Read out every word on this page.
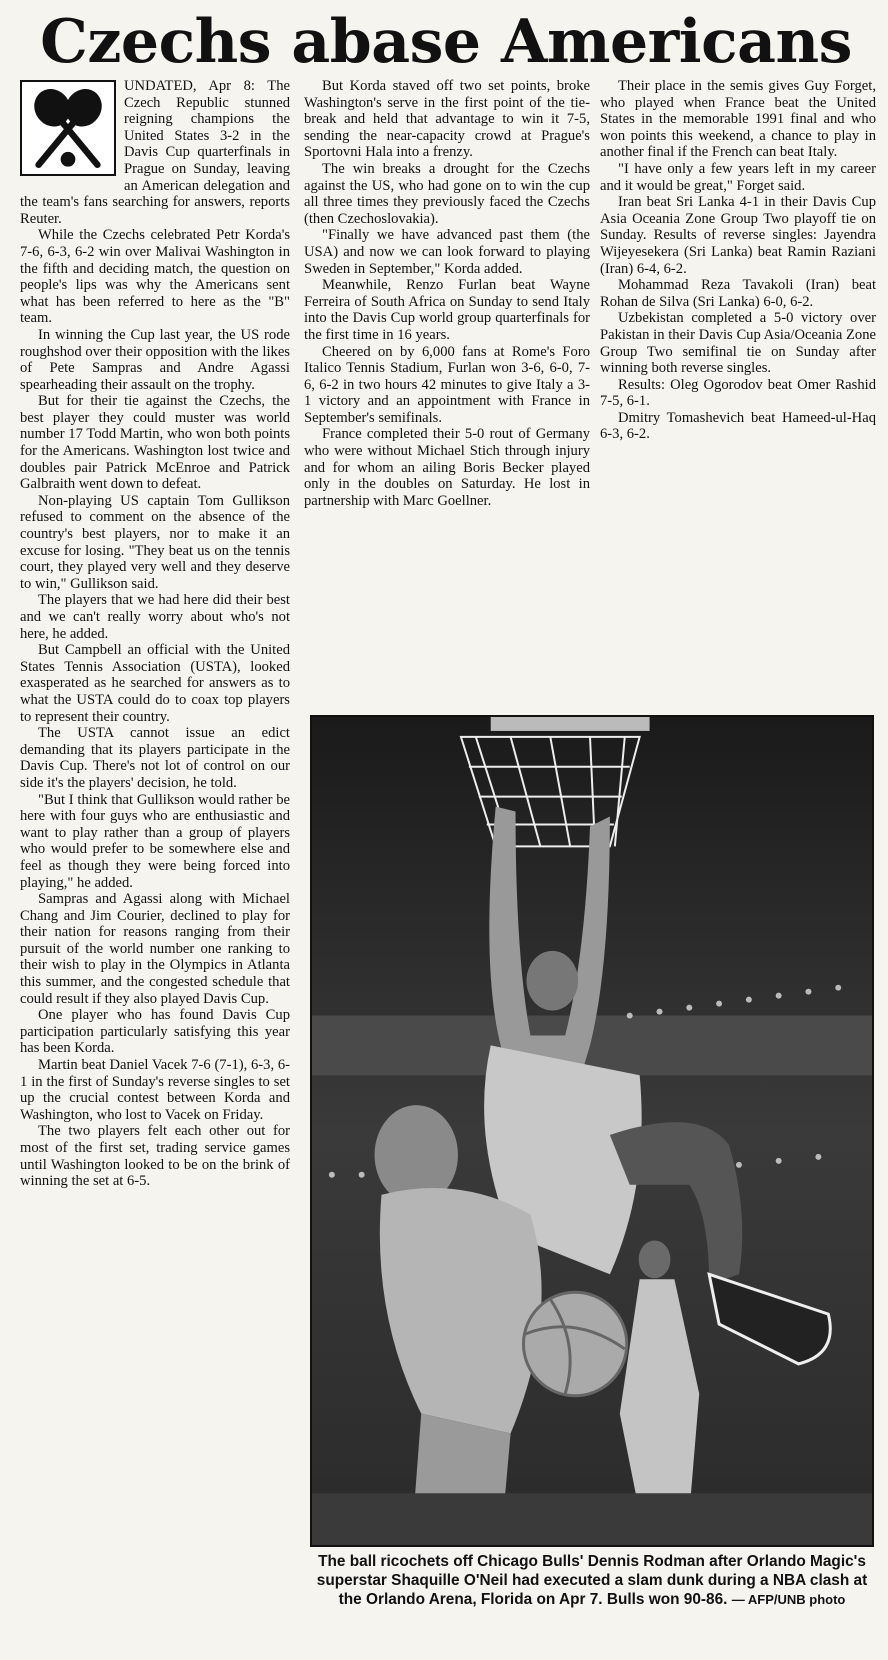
Czechs abase Americans

UNDATED, Apr 8: The Czech Republic stunned reigning champions the United States 3-2 in the Davis Cup quarterfinals in Prague on Sunday, leaving an American delegation and the team's fans searching for answers, reports Reuter.

While the Czechs celebrated Petr Korda's 7-6, 6-3, 6-2 win over Malivai Washington in the fifth and deciding match, the question on people's lips was why the Americans sent what has been referred to here as the "B" team.

In winning the Cup last year, the US rode roughshod over their opposition with the likes of Pete Sampras and Andre Agassi spearheading their assault on the trophy.

But for their tie against the Czechs, the best player they could muster was world number 17 Todd Martin, who won both points for the Americans. Washington lost twice and doubles pair Patrick McEnroe and Patrick Galbraith went down to defeat.

Non-playing US captain Tom Gullikson refused to comment on the absence of the country's best players, nor to make it an excuse for losing. "They beat us on the tennis court, they played very well and they deserve to win," Gullikson said.

The players that we had here did their best and we can't really worry about who's not here, he added.

But Campbell an official with the United States Tennis Association (USTA), looked exasperated as he searched for answers as to what the USTA could do to coax top players to represent their country.

The USTA cannot issue an edict demanding that its players participate in the Davis Cup. There's not lot of control on our side it's the players' decision, he told.

"But I think that Gullikson would rather be here with four guys who are enthusiastic and want to play rather than a group of players who would prefer to be somewhere else and feel as though they were being forced into playing," he added.

Sampras and Agassi along with Michael Chang and Jim Courier, declined to play for their nation for reasons ranging from their pursuit of the world number one ranking to their wish to play in the Olympics in Atlanta this summer, and the congested schedule that could result if they also played Davis Cup.

One player who has found Davis Cup participation particularly satisfying this year has been Korda.

Martin beat Daniel Vacek 7-6 (7-1), 6-3, 6-1 in the first of Sunday's reverse singles to set up the crucial contest between Korda and Washington, who lost to Vacek on Friday.

The two players felt each other out for most of the first set, trading service games until Washington looked to be on the brink of winning the set at 6-5.

But Korda staved off two set points, broke Washington's serve in the first point of the tie-break and held that advantage to win it 7-5, sending the near-capacity crowd at Prague's Sportovni Hala into a frenzy.

The win breaks a drought for the Czechs against the US, who had gone on to win the cup all three times they previously faced the Czechs (then Czechoslovakia).

"Finally we have advanced past them (the USA) and now we can look forward to playing Sweden in September," Korda added.

Meanwhile, Renzo Furlan beat Wayne Ferreira of South Africa on Sunday to send Italy into the Davis Cup world group quarterfinals for the first time in 16 years.

Cheered on by 6,000 fans at Rome's Foro Italico Tennis Stadium, Furlan won 3-6, 6-0, 7-6, 6-2 in two hours 42 minutes to give Italy a 3-1 victory and an appointment with France in September's semifinals.

France completed their 5-0 rout of Germany who were without Michael Stich through injury and for whom an ailing Boris Becker played only in the doubles on Saturday. He lost in partnership with Marc Goellner.

Their place in the semis gives Guy Forget, who played when France beat the United States in the memorable 1991 final and who won points this weekend, a chance to play in another final if the French can beat Italy.

"I have only a few years left in my career and it would be great," Forget said.

Iran beat Sri Lanka 4-1 in their Davis Cup Asia Oceania Zone Group Two playoff tie on Sunday. Results of reverse singles: Jayendra Wijeyesekera (Sri Lanka) beat Ramin Raziani (Iran) 6-4, 6-2.

Mohammad Reza Tavakoli (Iran) beat Rohan de Silva (Sri Lanka) 6-0, 6-2.

Uzbekistan completed a 5-0 victory over Pakistan in their Davis Cup Asia/Oceania Zone Group Two semifinal tie on Sunday after winning both reverse singles.

Results: Oleg Ogorodov beat Omer Rashid 7-5, 6-1.

Dmitry Tomashevich beat Hameed-ul-Haq 6-3, 6-2.

The ball ricochets off Chicago Bulls' Dennis Rodman after Orlando Magic's superstar Shaquille O'Neil had executed a slam dunk during a NBA clash at the Orlando Arena, Florida on Apr 7. Bulls won 90-86. — AFP/UNB photo
